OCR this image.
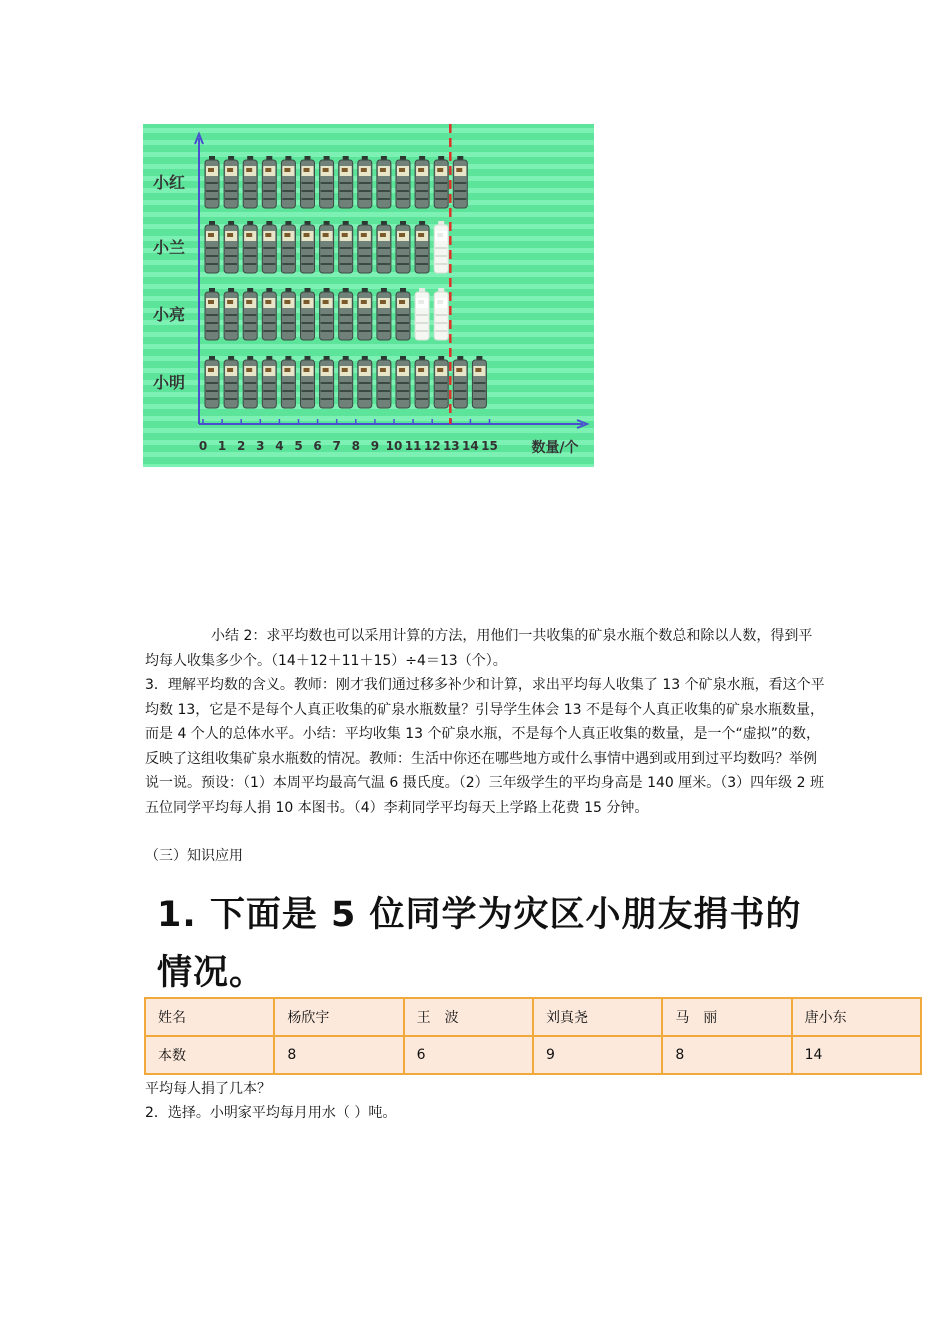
0 1 2 3 4 5 6 7 8 9 10 11 12 13 14 15 数量/个
小红
小兰
小亮
小明

小结 2：求平均数也可以采用计算的方法，用他们一共收集的矿泉水瓶个数总和除以人数，得到平均每人收集多少个。（14＋12＋11＋15）÷4＝13（个）。

3．理解平均数的含义。教师：刚才我们通过移多补少和计算，求出平均每人收集了 13 个矿泉水瓶，看这个平均数 13，它是不是每个人真正收集的矿泉水瓶数量？引导学生体会 13 不是每个人真正收集的矿泉水瓶数量，而是 4 个人的总体水平。小结：平均收集 13 个矿泉水瓶，不是每个人真正收集的数量，是一个“虚拟”的数，反映了这组收集矿泉水瓶数的情况。教师：生活中你还在哪些地方或什么事情中遇到或用到过平均数吗？举例说一说。预设：（1）本周平均最高气温 6 摄氏度。（2）三年级学生的平均身高是 140 厘米。（3）四年级 2 班五位同学平均每人捐 10 本图书。（4）李莉同学平均每天上学路上花费 15 分钟。

（三）知识应用

1. 下面是 5 位同学为灾区小朋友捐书的情况。

姓名	杨欣宇	王　波	刘真尧	马　丽	唐小东
本数	8	6	9	8	14

平均每人捐了几本？

2．选择。小明家平均每月用水（ ）吨。
